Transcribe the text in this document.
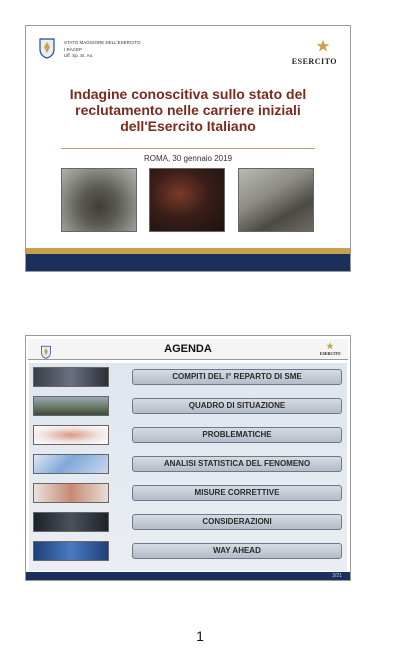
STATO MAGGIORE DELL'ESERCITO
I RACEP
Uff. Sp. St. An.
ESERCITO
Indagine conoscitiva sullo stato del reclutamento nelle carriere iniziali dell'Esercito Italiano
ROMA, 30 gennaio 2019
AGENDA	ESERCITO
COMPITI DEL I° REPARTO DI SME
QUADRO DI SITUAZIONE
PROBLEMATICHE
ANALISI STATISTICA DEL FENOMENO
MISURE CORRETTIVE
CONSIDERAZIONI
WAY AHEAD
2/21
1
